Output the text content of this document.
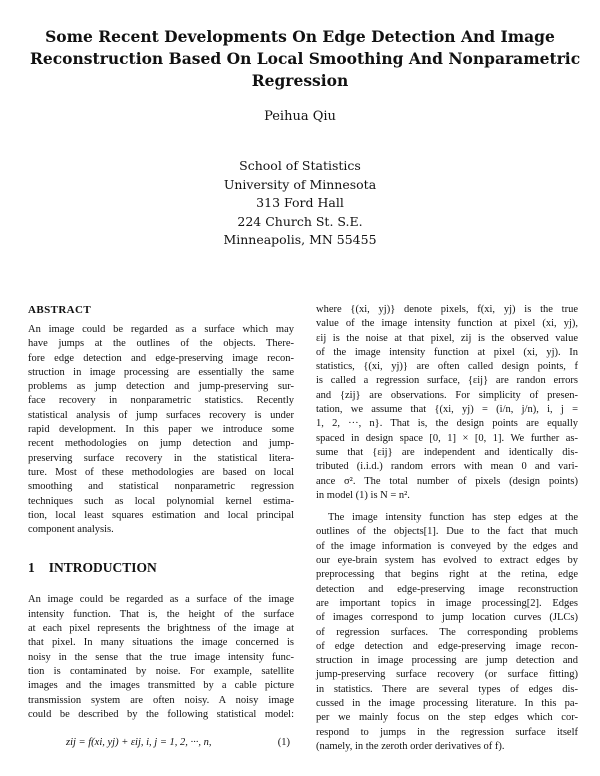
Some Recent Developments On Edge Detection And Image
Reconstruction Based On Local Smoothing And Nonparametric
Regression
Peihua Qiu
School of Statistics
University of Minnesota
313 Ford Hall
224 Church St. S.E.
Minneapolis, MN 55455
ABSTRACT
An image could be regarded as a surface which may
have jumps at the outlines of the objects. There-
fore edge detection and edge-preserving image recon-
struction in image processing are essentially the same
problems as jump detection and jump-preserving sur-
face recovery in nonparametric statistics. Recently
statistical analysis of jump surfaces recovery is under
rapid development. In this paper we introduce some
recent methodologies on jump detection and jump-
preserving surface recovery in the statistical litera-
ture. Most of these methodologies are based on local
smoothing and statistical nonparametric regression
techniques such as local polynomial kernel estima-
tion, local least squares estimation and local principal
component analysis.
1 INTRODUCTION
An image could be regarded as a surface of the image
intensity function. That is, the height of the surface
at each pixel represents the brightness of the image at
that pixel. In many situations the image concerned is
noisy in the sense that the true image intensity func-
tion is contaminated by noise. For example, satellite
images and the images transmitted by a cable picture
transmission system are often noisy. A noisy image
could be described by the following statistical model:
zij = f(xi, yj) + εij, i, j = 1, 2, ···, n,	(1)
where {(xi, yj)} denote pixels, f(xi, yj) is the true
value of the image intensity function at pixel (xi, yj),
εij is the noise at that pixel, zij is the observed value
of the image intensity function at pixel (xi, yj). In
statistics, {(xi, yj)} are often called design points, f
is called a regression surface, {εij} are randon errors
and {zij} are observations. For simplicity of presen-
tation, we assume that {(xi, yj) = (i/n, j/n), i, j =
1, 2, ···, n}. That is, the design points are equally
spaced in design space [0, 1] × [0, 1]. We further as-
sume that {εij} are independent and identically dis-
tributed (i.i.d.) random errors with mean 0 and vari-
ance σ². The total number of pixels (design points)
in model (1) is N = n².
The image intensity function has step edges at the
outlines of the objects[1]. Due to the fact that much
of the image information is conveyed by the edges and
our eye-brain system has evolved to extract edges by
preprocessing that begins right at the retina, edge
detection and edge-preserving image reconstruction
are important topics in image processing[2]. Edges
of images correspond to jump location curves (JLCs)
of regression surfaces. The corresponding problems
of edge detection and edge-preserving image recon-
struction in image processing are jump detection and
jump-preserving surface recovery (or surface fitting)
in statistics. There are several types of edges dis-
cussed in the image processing literature. In this pa-
per we mainly focus on the step edges which cor-
respond to jumps in the regression surface itself
(namely, in the zeroth order derivatives of f).
